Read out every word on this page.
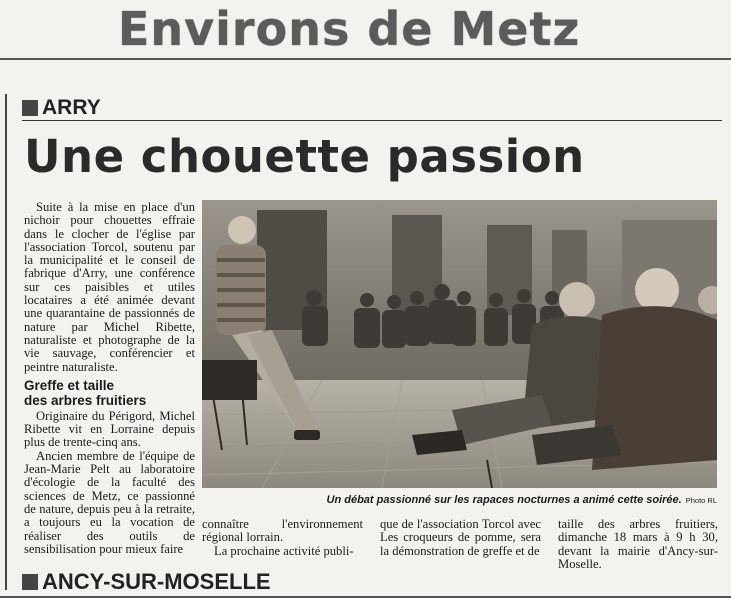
Environs de Metz
ARRY
Une chouette passion

Suite à la mise en place d'un nichoir pour chouettes effraie dans le clocher de l'église par l'association Torcol, soutenu par la municipalité et le conseil de fabrique d'Arry, une conférence sur ces paisibles et utiles locataires a été animée devant une quarantaine de passionnés de nature par Michel Ribette, naturaliste et photographe de la vie sauvage, conférencier et peintre naturaliste.

Greffe et taille
des arbres fruitiers

Originaire du Périgord, Michel Ribette vit en Lorraine depuis plus de trente-cinq ans.

Ancien membre de l'équipe de Jean-Marie Pelt au laboratoire d'écologie de la faculté des sciences de Metz, ce passionné de nature, depuis peu à la retraite, a toujours eu la vocation de réaliser des outils de sensibilisation pour mieux faire

Un débat passionné sur les rapaces nocturnes a animé cette soirée. Photo RL

connaître l'environnement régional lorrain.

La prochaine activité publi-

que de l'association Torcol avec Les croqueurs de pomme, sera la démonstration de greffe et de

taille des arbres fruitiers, dimanche 18 mars à 9 h 30, devant la mairie d'Ancy-sur-Moselle.

ANCY-SUR-MOSELLE
